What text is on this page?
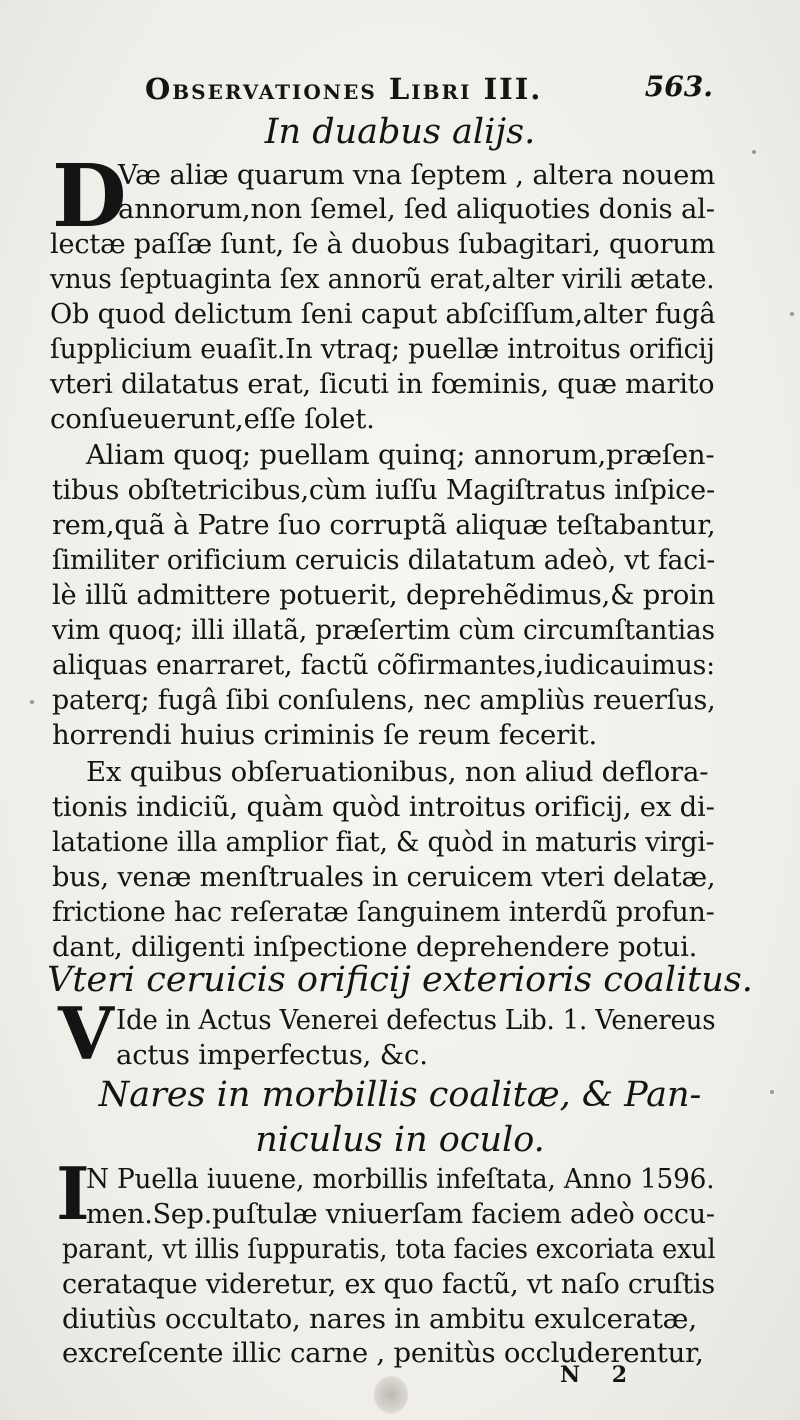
Observationes Libri III.	563.
In duabus alijs.
D
Væ aliæ quarum vna ſeptem , altera nouem
annorum,non ſemel, ſed aliquoties donis al-
lectæ paſſæ ſunt, ſe à duobus ſubagitari, quorum
vnus ſeptuaginta ſex annorũ erat,alter virili ætate.
Ob quod delictum ſeni caput abſciſſum,alter fugâ
ſupplicium euaſit.In vtraq; puellæ introitus orificij
vteri dilatatus erat, ſicuti in fœminis, quæ marito
conſueuerunt,eſſe ſolet.
Aliam quoq; puellam quinq; annorum,præſen-
tibus obſtetricibus,cùm iuſſu Magiſtratus inſpice-
rem,quã à Patre ſuo corruptã aliquæ teſtabantur,
ſimiliter orificium ceruicis dilatatum adeò, vt faci-
lè illũ admittere potuerit, deprehẽdimus,& proin
vim quoq; illi illatã, præſertim cùm circumſtantias
aliquas enarraret, factũ cõfirmantes,iudicauimus:
paterq; fugâ ſibi conſulens, nec ampliùs reuerſus,
horrendi huius criminis ſe reum fecerit.
Ex quibus obſeruationibus, non aliud deflora-
tionis indiciũ, quàm quòd introitus orificij, ex di-
latatione illa amplior fiat, & quòd in maturis virgi-
bus, venæ menſtruales in ceruicem vteri delatæ,
frictione hac reſeratæ ſanguinem interdũ profun-
dant, diligenti inſpectione deprehendere potui.
Vteri ceruicis orificij exterioris coalitus.
V Ide in Actus Venerei defectus Lib. 1. Venereus
actus imperfectus, &c.
Nares in morbillis coalitæ, & Pan-
niculus in oculo.
I
N Puella iuuene, morbillis infeſtata, Anno 1596.
men.Sep.puſtulæ vniuerſam faciem adeò occu-
parant, vt illis ſuppuratis, tota facies excoriata exul
cerataque videretur, ex quo factũ, vt naſo cruſtis
diutiùs occultato, nares in ambitu exulceratæ,
excreſcente illic carne , penitùs occluderentur,
N 2
